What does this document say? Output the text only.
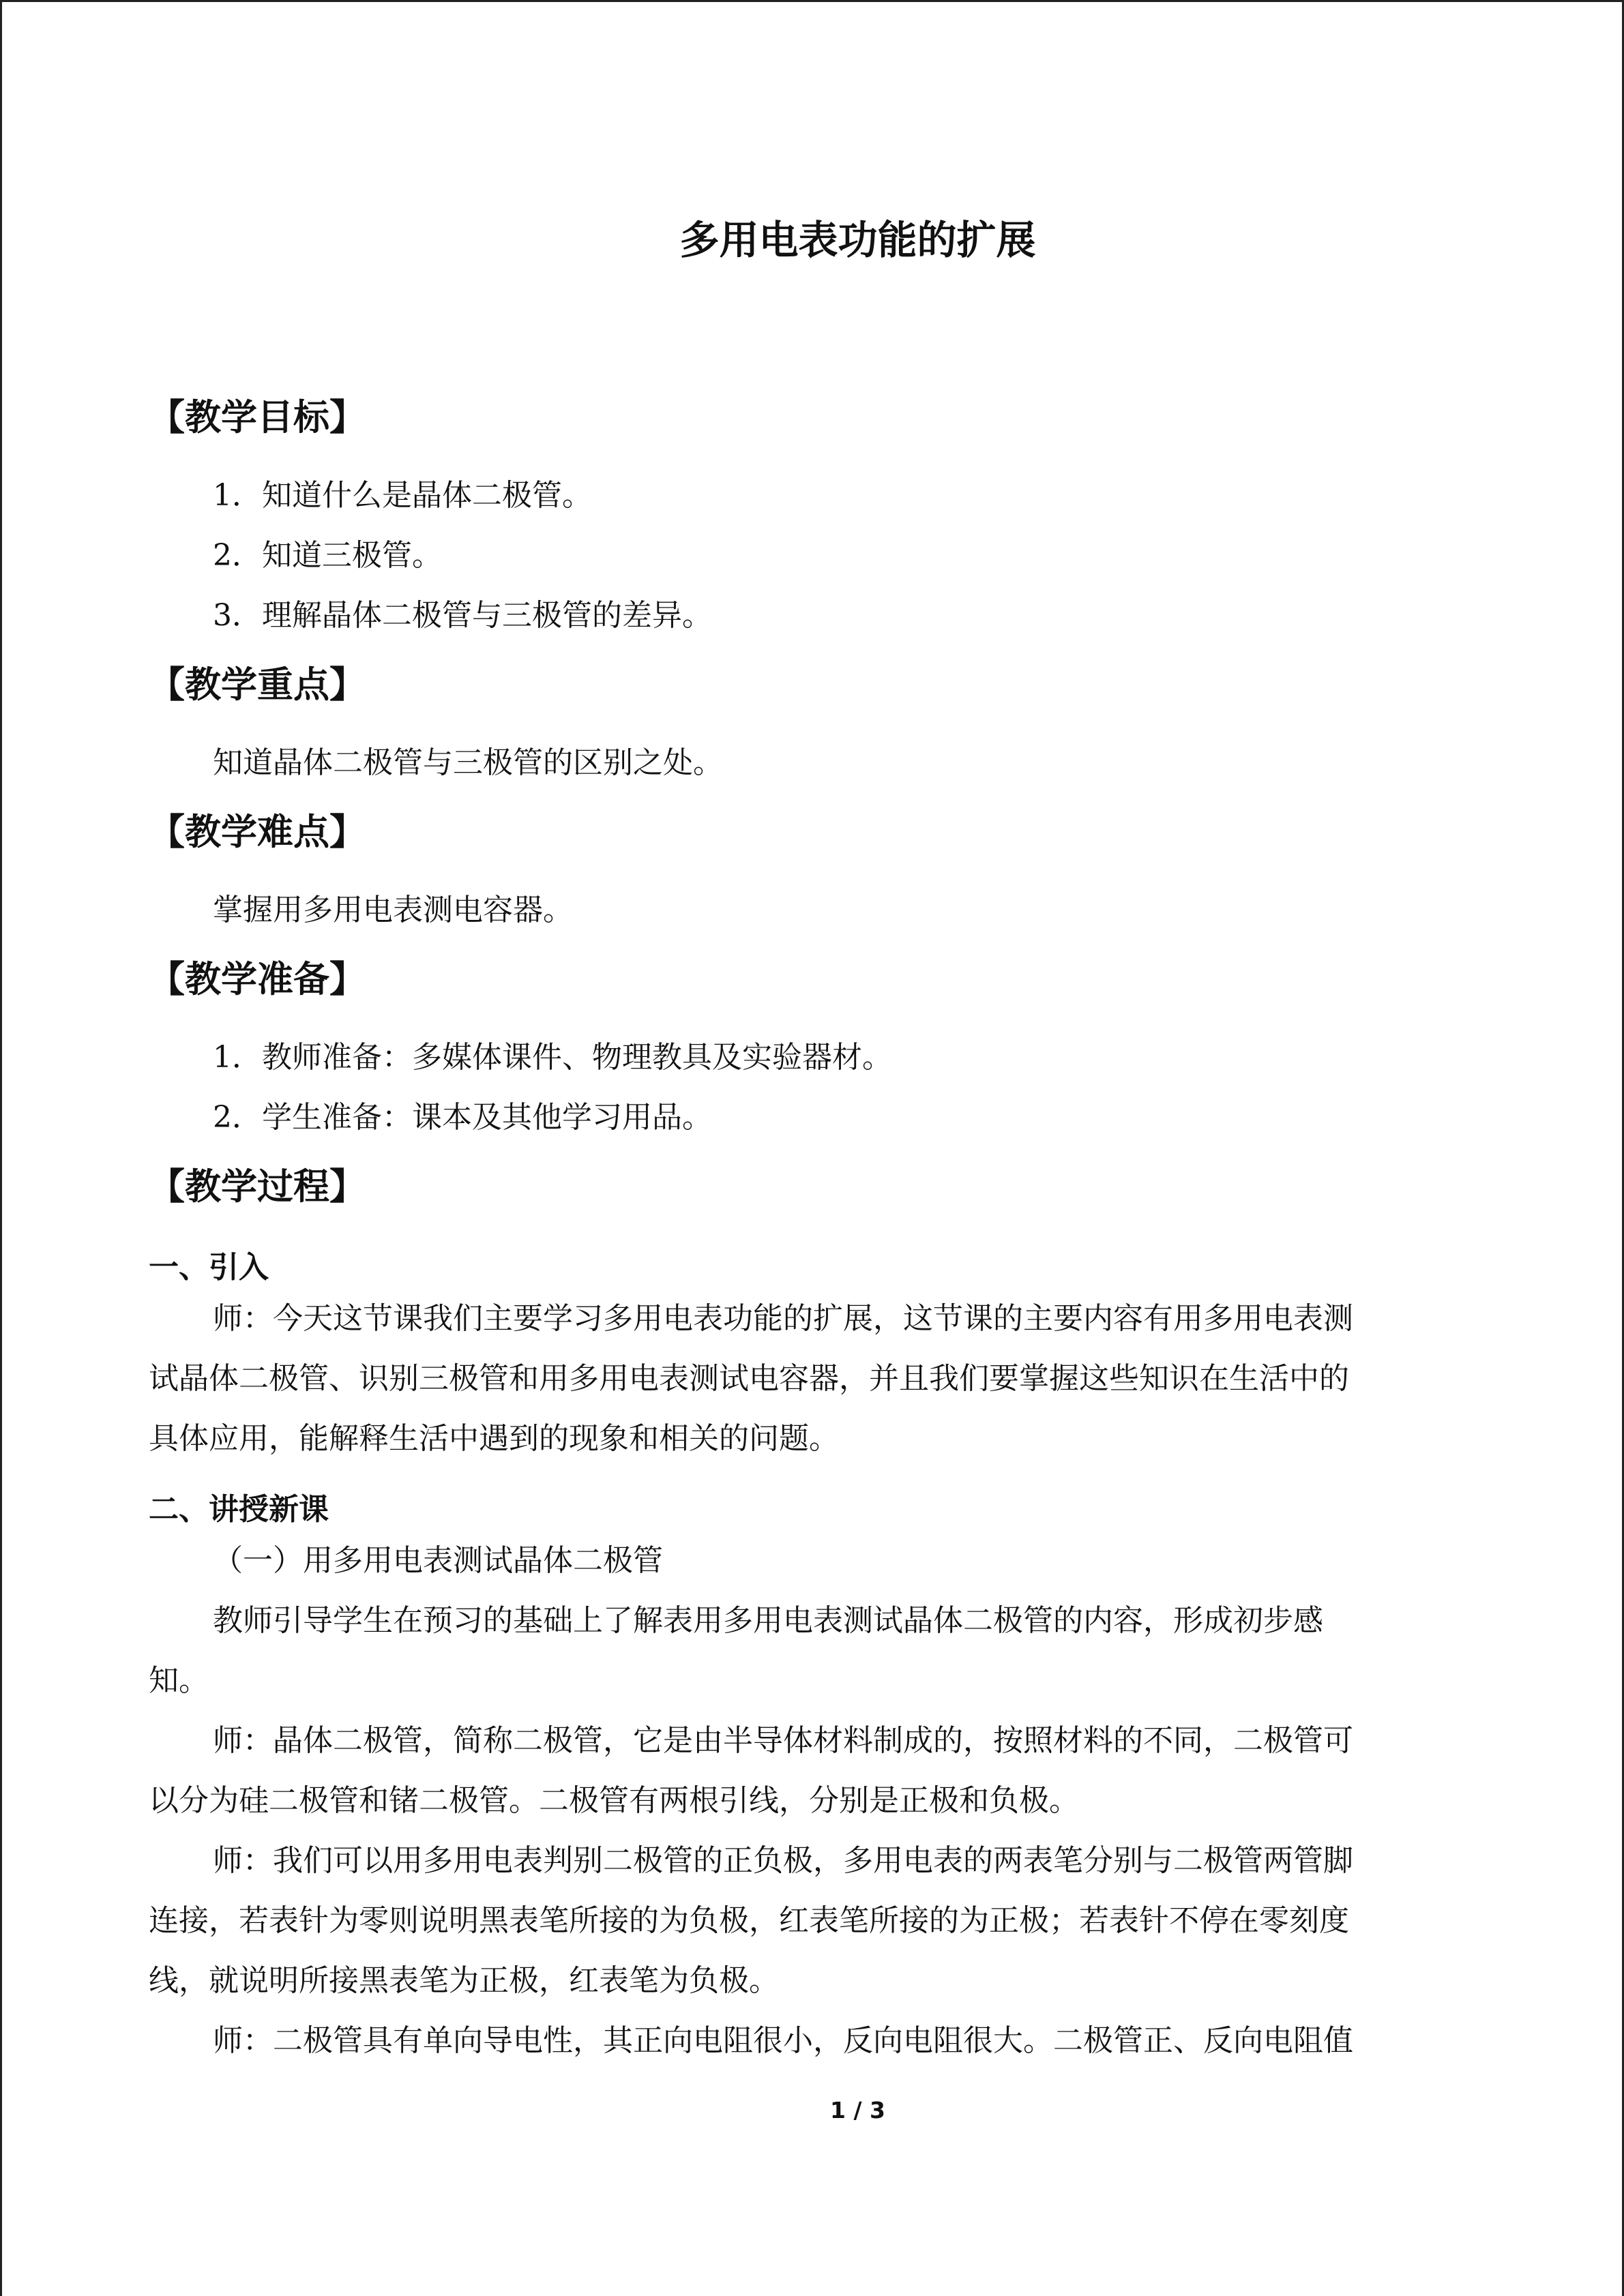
多用电表功能的扩展
【教学目标】
1．知道什么是晶体二极管。
2．知道三极管。
3．理解晶体二极管与三极管的差异。
【教学重点】
知道晶体二极管与三极管的区别之处。
【教学难点】
掌握用多用电表测电容器。
【教学准备】
1．教师准备：多媒体课件、物理教具及实验器材。
2．学生准备：课本及其他学习用品。
【教学过程】
一、引入
师：今天这节课我们主要学习多用电表功能的扩展，这节课的主要内容有用多用电表测
试晶体二极管、识别三极管和用多用电表测试电容器，并且我们要掌握这些知识在生活中的
具体应用，能解释生活中遇到的现象和相关的问题。
二、讲授新课
（一）用多用电表测试晶体二极管
教师引导学生在预习的基础上了解表用多用电表测试晶体二极管的内容，形成初步感
知。
师：晶体二极管，简称二极管，它是由半导体材料制成的，按照材料的不同，二极管可
以分为硅二极管和锗二极管。二极管有两根引线，分别是正极和负极。
师：我们可以用多用电表判别二极管的正负极，多用电表的两表笔分别与二极管两管脚
连接，若表针为零则说明黑表笔所接的为负极，红表笔所接的为正极；若表针不停在零刻度
线，就说明所接黑表笔为正极，红表笔为负极。
师：二极管具有单向导电性，其正向电阻很小，反向电阻很大。二极管正、反向电阻值
1 / 3
